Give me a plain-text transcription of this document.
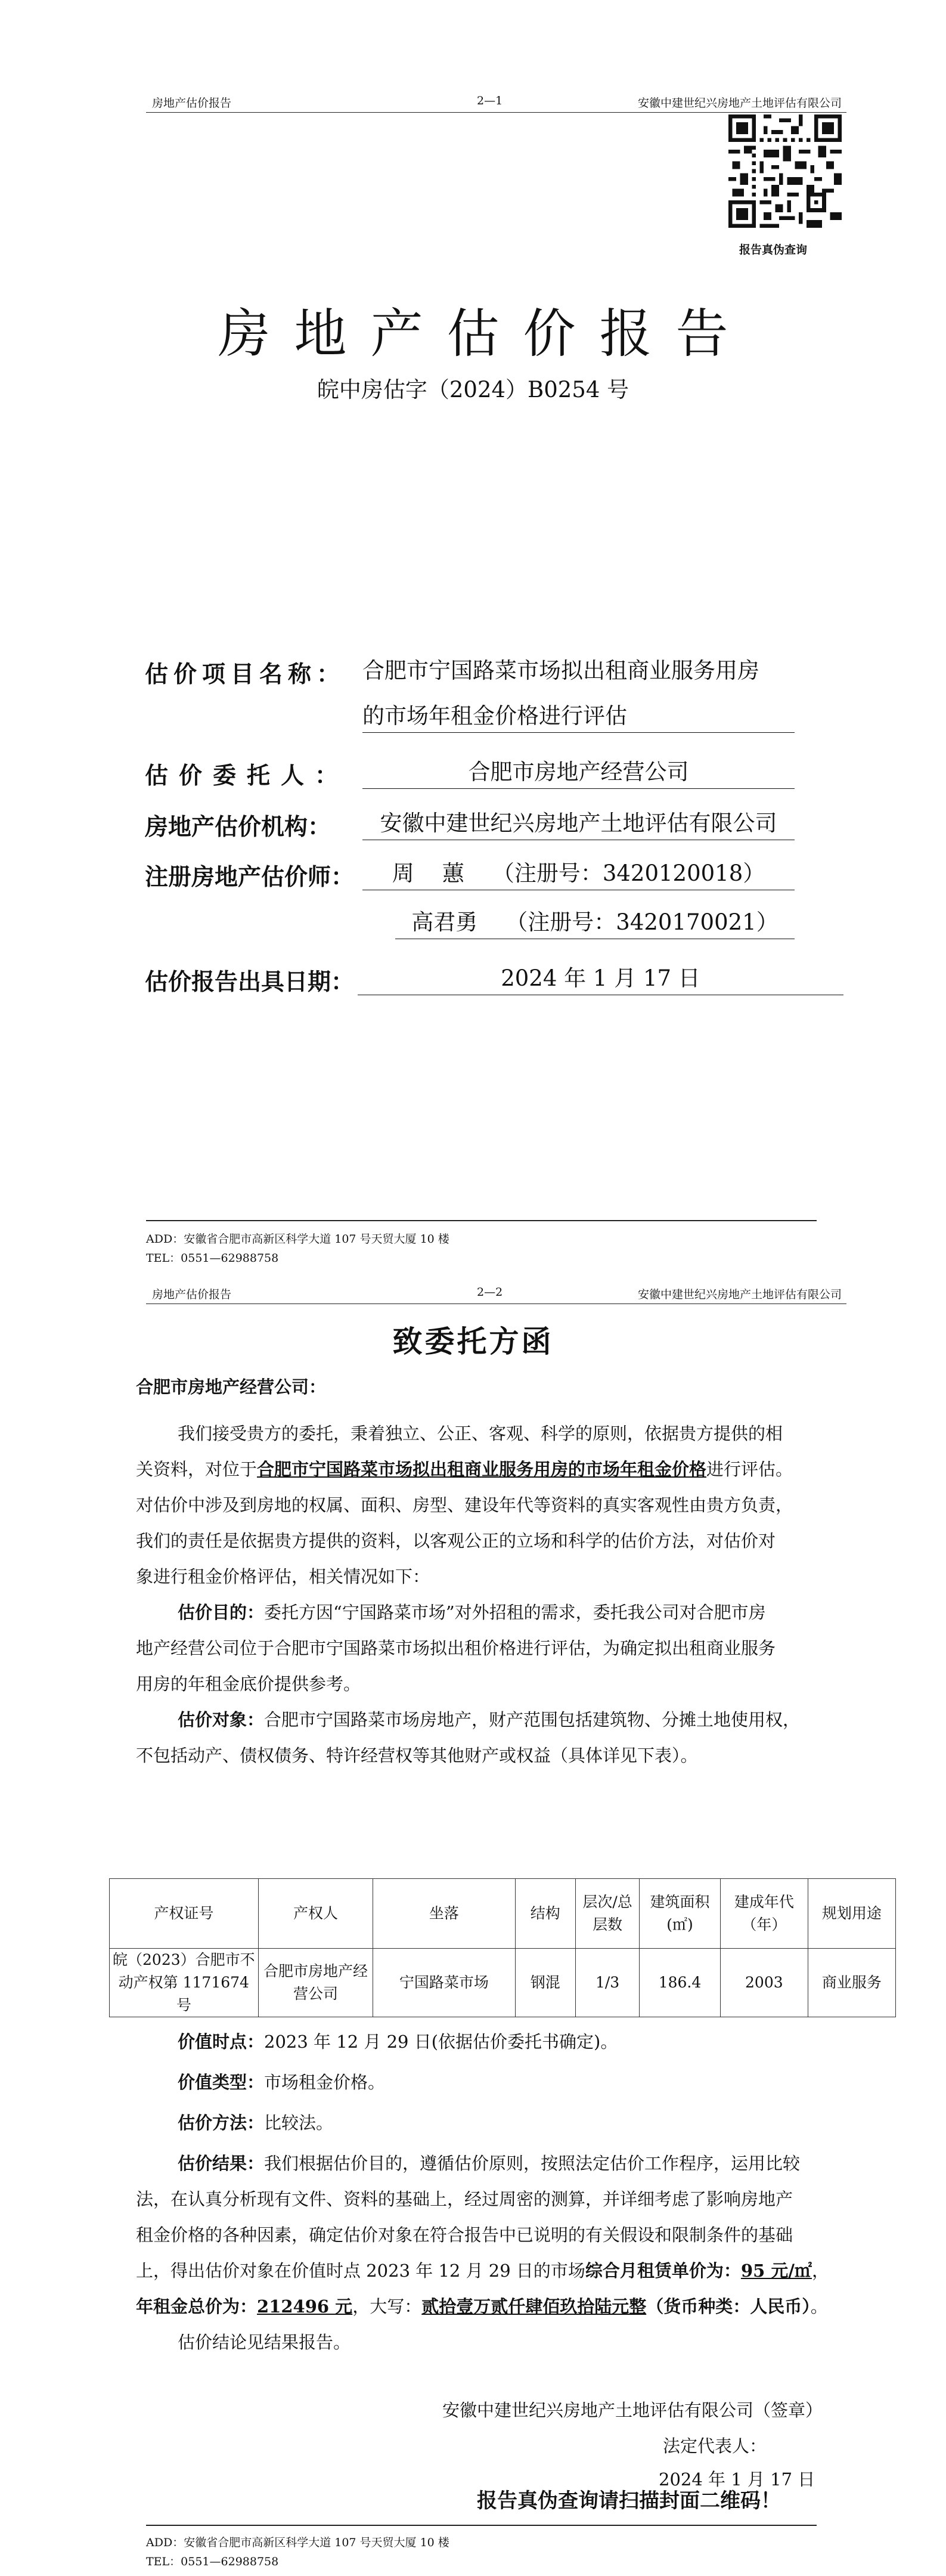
房地产估价报告	2—1	安徽中建世纪兴房地产土地评估有限公司
报告真伪查询
房地产估价报告
皖中房估字（2024）B0254 号
估价项目名称： 合肥市宁国路菜市场拟出租商业服务用房
的市场年租金价格进行评估
估价委托人：	合肥市房地产经营公司
房地产估价机构：	安徽中建世纪兴房地产土地评估有限公司
注册房地产估价师：	周    蕙    （注册号：3420120018）
高君勇    （注册号：3420170021）
估价报告出具日期：	2024 年 1 月 17 日
ADD：安徽省合肥市高新区科学大道 107 号天贸大厦 10 楼
TEL：0551—62988758
房地产估价报告	2—2	安徽中建世纪兴房地产土地评估有限公司
致委托方函

合肥市房地产经营公司：

我们接受贵方的委托，秉着独立、公正、客观、科学的原则，依据贵方提供的相

关资料，对位于合肥市宁国路菜市场拟出租商业服务用房的市场年租金价格进行评估。

对估价中涉及到房地的权属、面积、房型、建设年代等资料的真实客观性由贵方负责，

我们的责任是依据贵方提供的资料，以客观公正的立场和科学的估价方法，对估价对

象进行租金价格评估，相关情况如下：

估价目的：委托方因“宁国路菜市场”对外招租的需求，委托我公司对合肥市房

地产经营公司位于合肥市宁国路菜市场拟出租价格进行评估，为确定拟出租商业服务

用房的年租金底价提供参考。

估价对象：合肥市宁国路菜市场房地产，财产范围包括建筑物、分摊土地使用权，

不包括动产、债权债务、特许经营权等其他财产或权益（具体详见下表）。

产权证号	产权人	坐落	结构	层次/总层数	建筑面积(㎡)	建成年代（年）	规划用途
皖（2023）合肥市不动产权第 1171674 号	合肥市房地产经营公司	宁国路菜市场	钢混	1/3	186.4	2003	商业服务

价值时点：2023 年 12 月 29 日(依据估价委托书确定)。

价值类型：市场租金价格。

估价方法：比较法。

估价结果：我们根据估价目的，遵循估价原则，按照法定估价工作程序，运用比较

法，在认真分析现有文件、资料的基础上，经过周密的测算，并详细考虑了影响房地产

租金价格的各种因素，确定估价对象在符合报告中已说明的有关假设和限制条件的基础

上，得出估价对象在价值时点 2023 年 12 月 29 日的市场综合月租赁单价为：95 元/㎡，

年租金总价为：212496 元，大写：贰拾壹万贰仟肆佰玖拾陆元整（货币种类：人民币）。

估价结论见结果报告。

安徽中建世纪兴房地产土地评估有限公司（签章）
法定代表人：
2024 年 1 月 17 日
报告真伪查询请扫描封面二维码！
ADD：安徽省合肥市高新区科学大道 107 号天贸大厦 10 楼
TEL：0551—62988758
